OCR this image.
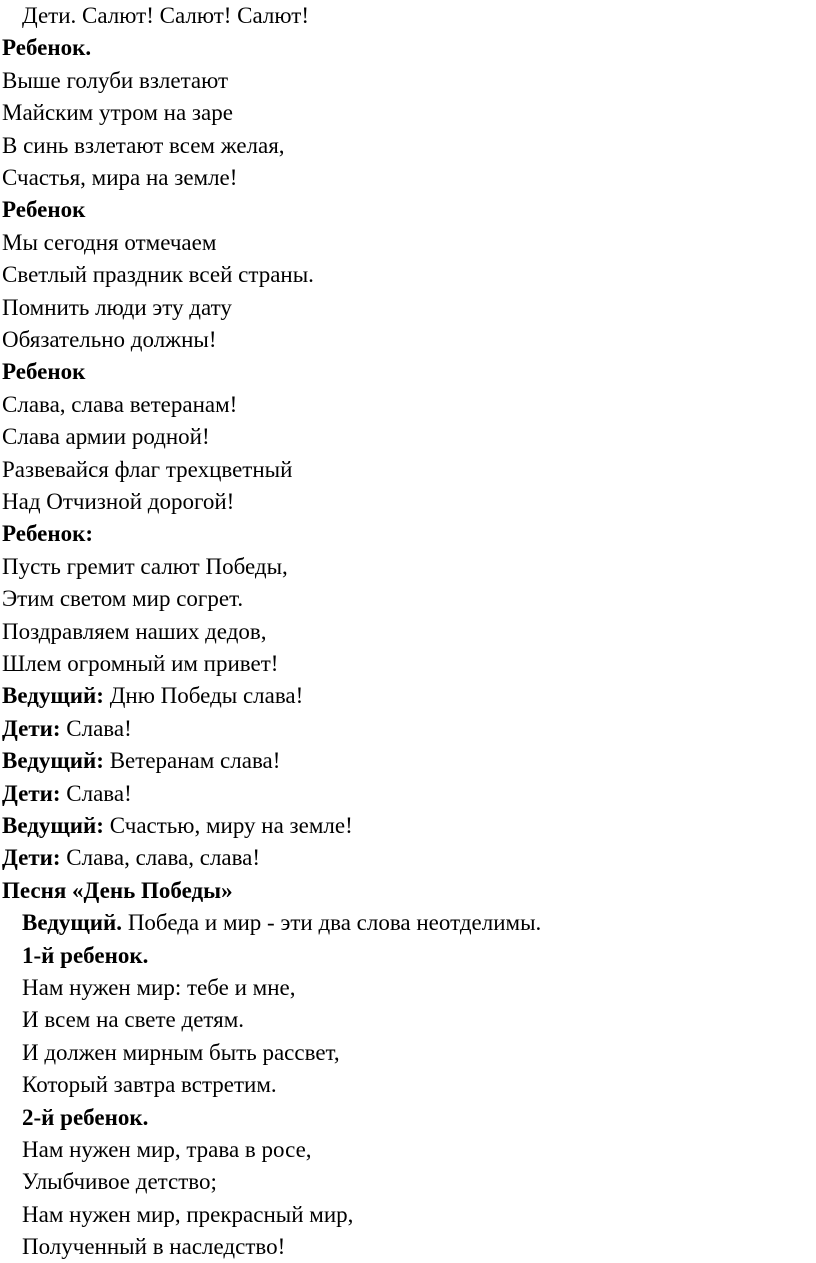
Дети. Салют! Салют! Салют!
Ребенок.
Выше голуби взлетают
Майским утром на заре
В синь взлетают всем желая,
Счастья, мира на земле!
Ребенок
Мы сегодня отмечаем
Светлый праздник всей страны.
Помнить люди эту дату
Обязательно должны!
Ребенок
Слава, слава ветеранам!
Слава армии родной!
Развевайся флаг трехцветный
Над Отчизной дорогой!
Ребенок:
Пусть гремит салют Победы,
Этим светом мир согрет.
Поздравляем наших дедов,
Шлем огромный им привет!
Ведущий: Дню Победы слава!
Дети: Слава!
Ведущий: Ветеранам слава!
Дети: Слава!
Ведущий: Счастью, миру на земле!
Дети: Слава, слава, слава!
Песня «День Победы»
Ведущий. Победа и мир - эти два слова неотделимы.
1-й ребенок.
Нам нужен мир: тебе и мне,
И всем на свете детям.
И должен мирным быть рассвет,
Который завтра встретим.
2-й ребенок.
Нам нужен мир, трава в росе,
Улыбчивое детство;
Нам нужен мир, прекрасный мир,
Полученный в наследство!
